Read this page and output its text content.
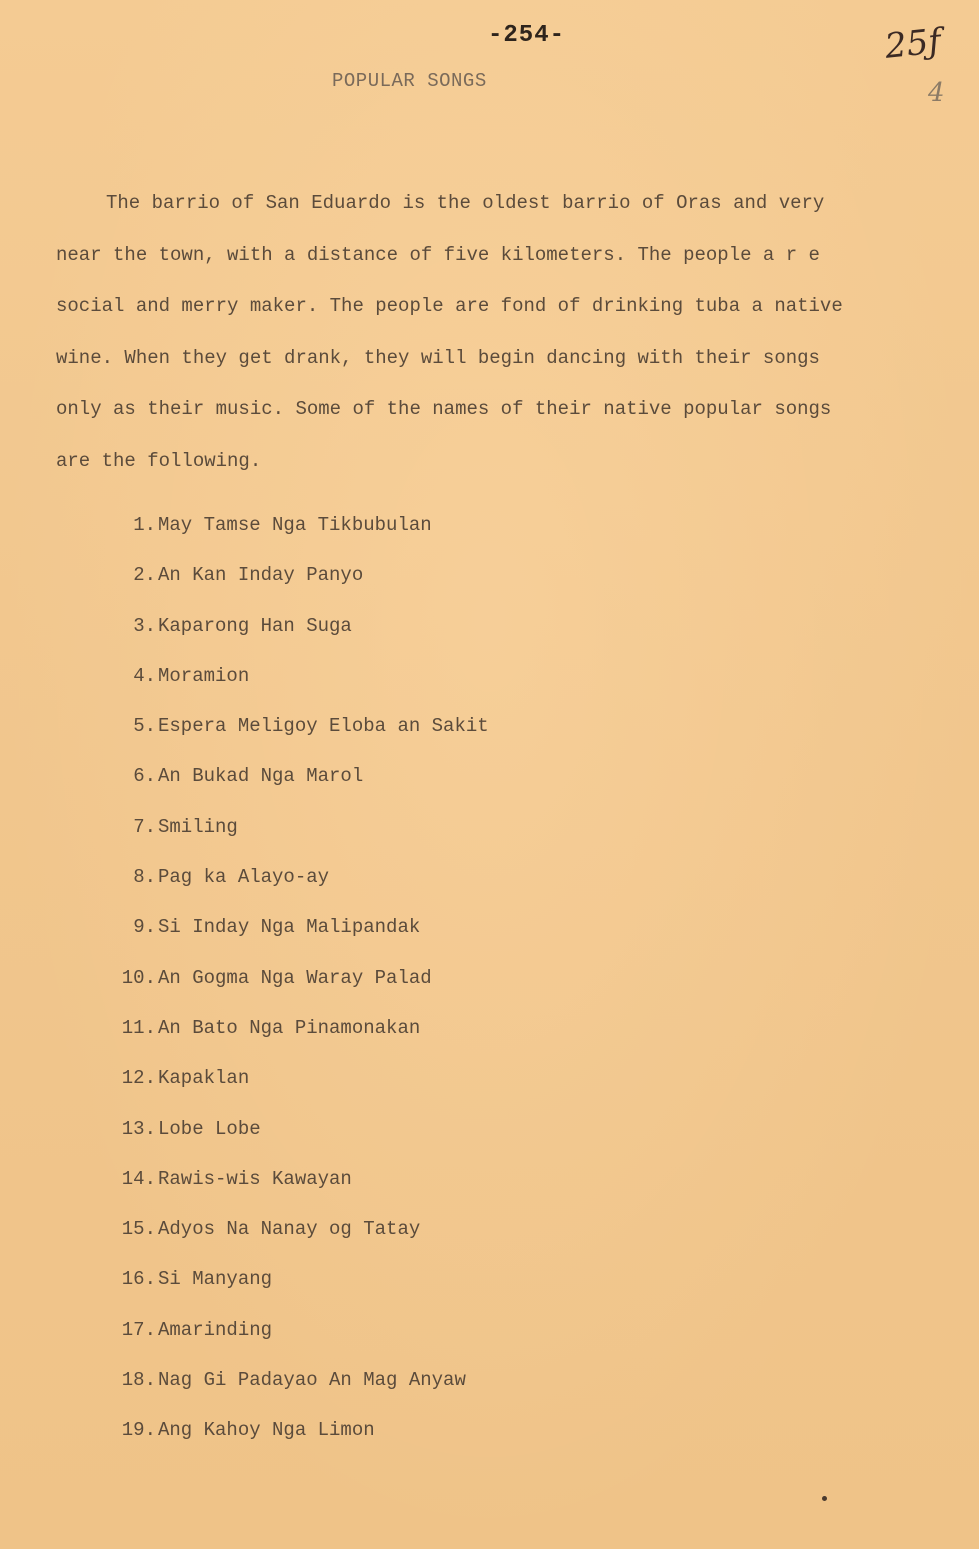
-254-	25ƒ
4
POPULAR SONGS

The barrio of San Eduardo is the oldest barrio of Oras and very
near the town, with a distance of five kilometers. The people a r e
social and merry maker. The people are fond of drinking tuba a native
wine. When they get drank, they will begin dancing with their songs
only as their music. Some of the names of their native popular songs
are the following.

1. May Tamse Nga Tikbubulan
2. An Kan Inday Panyo
3. Kaparong Han Suga
4. Moramion
5. Espera Meligoy Eloba an Sakit
6. An Bukad Nga Marol
7. Smiling
8. Pag ka Alayo-ay
9. Si Inday Nga Malipandak
10. An Gogma Nga Waray Palad
11. An Bato Nga Pinamonakan
12. Kapaklan
13. Lobe Lobe
14. Rawis-wis Kawayan
15. Adyos Na Nanay og Tatay
16. Si Manyang
17. Amarinding
18. Nag Gi Padayao An Mag Anyaw
19. Ang Kahoy Nga Limon
